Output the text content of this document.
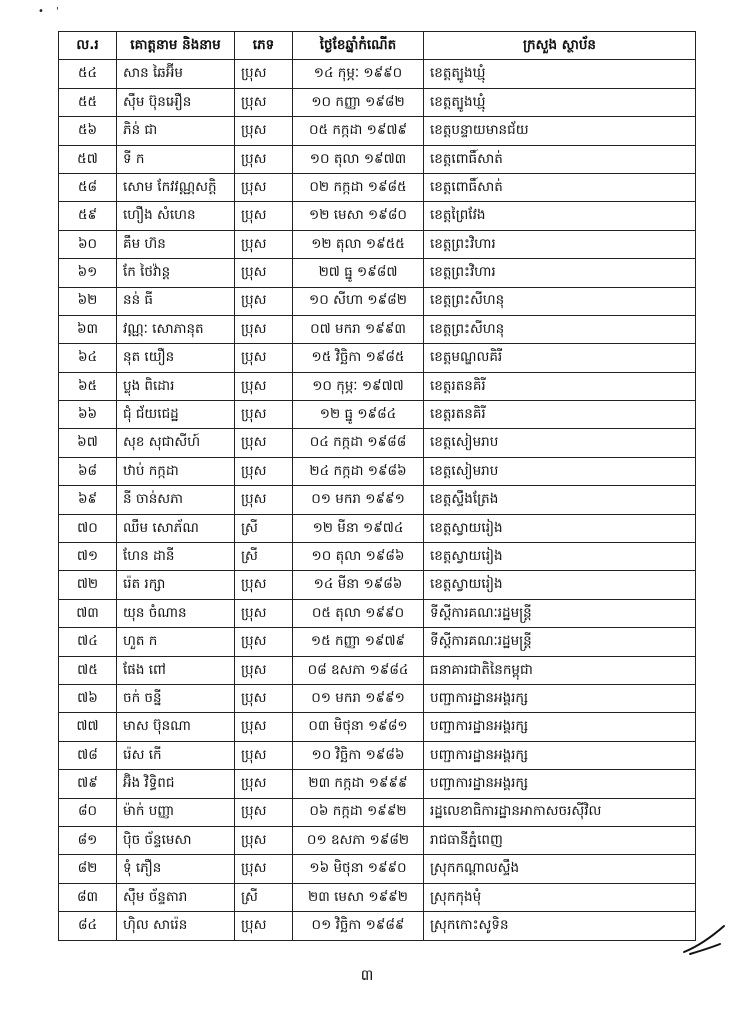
• '
ល.រ	គោត្តនាម និងនាម	ភេទ	ថ្ងៃខែឆ្នាំកំណើត	ក្រសួង ស្ថាប័ន
៥៤	សាន ឆៃអ៊ីម	ប្រុស	១៤ កុម្ភៈ ១៩៩០	ខេត្តត្បូងឃ្មុំ
៥៥	ស៊ឹម ប៊ុនអឿន	ប្រុស	១០ កញ្ញា ១៩៨២	ខេត្តត្បូងឃ្មុំ
៥៦	ភិន់ ជា	ប្រុស	០៥ កក្កដា ១៩៧៩	ខេត្តបន្ទាយមានជ័យ
៥៧	ទី ក	ប្រុស	១០ តុលា ១៩៧៣	ខេត្តពោធិ៍សាត់
៥៨	សោម កែវវណ្ណសក្តិ	ប្រុស	០២ កក្កដា ១៩៨៥	ខេត្តពោធិ៍សាត់
៥៩	ហឿង សំហេន	ប្រុស	១២ មេសា ១៩៨០	ខេត្តព្រៃវែង
៦០	គឹម ហ៊ន	ប្រុស	១២ តុលា ១៩៥៥	ខេត្តព្រះវិហារ
៦១	កែ ថៃវ៉ាន្ត	ប្រុស	២៧ ធ្នូ ១៩៨៧	ខេត្តព្រះវិហារ
៦២	នន់ ធី	ប្រុស	១០ សីហា ១៩៨២	ខេត្តព្រះសីហនុ
៦៣	វណ្ណៈ សោភានុត	ប្រុស	០៧ មករា ១៩៩៣	ខេត្តព្រះសីហនុ
៦៤	នុត យឿន	ប្រុស	១៥ វិច្ឆិកា ១៩៨៥	ខេត្តមណ្ឌលគិរី
៦៥	ប្លុង ពិដោរ	ប្រុស	១០ កុម្ភៈ ១៩៧៧	ខេត្តរតនគិរី
៦៦	ជុំ ជ័យជេដ្ឋ	ប្រុស	១២ ធ្នូ ១៩៨៤	ខេត្តរតនគិរី
៦៧	សុខ សុជាសីហ៍	ប្រុស	០៤ កក្កដា ១៩៨៨	ខេត្តសៀមរាប
៦៨	ឋាប់ កក្កដា	ប្រុស	២៤ កក្កដា ១៩៨៦	ខេត្តសៀមរាប
៦៩	នី ចាន់សភា	ប្រុស	០១ មករា ១៩៩១	ខេត្តស្ទឹងត្រែង
៧០	ឈឹម សោភ័ណ	ស្រី	១២ មីនា ១៩៧៤	ខេត្តស្វាយរៀង
៧១	ហែន ដានី	ស្រី	១០ តុលា ១៩៨៦	ខេត្តស្វាយរៀង
៧២	រ៉េត រក្សា	ប្រុស	១៤ មីនា ១៩៨៦	ខេត្តស្វាយរៀង
៧៣	យុន ចំណាន	ប្រុស	០៥ តុលា ១៩៩០	ទីស្តីការគណៈរដ្ឋមន្ត្រី
៧៤	ហួត ក	ប្រុស	១៥ កញ្ញា ១៩៧៩	ទីស្តីការគណៈរដ្ឋមន្ត្រី
៧៥	ផែង ពៅ	ប្រុស	០៨ ឧសភា ១៩៨៤	ធនាគារជាតិនៃកម្ពុជា
៧៦	ចក់ ចន្នី	ប្រុស	០១ មករា ១៩៩១	បញ្ជាការដ្ឋានអង្គរក្ស
៧៧	មាស ប៊ុនណា	ប្រុស	០៣ មិថុនា ១៩៨១	បញ្ជាការដ្ឋានអង្គរក្ស
៧៨	រ៉េស កើ	ប្រុស	១០ វិច្ឆិកា ១៩៨៦	បញ្ជាការដ្ឋានអង្គរក្ស
៧៩	អ៊ិង វិទ្ធិពជ	ប្រុស	២៣ កក្កដា ១៩៩៩	បញ្ជាការដ្ឋានអង្គរក្ស
៨០	ម៉ាក់ បញ្ញា	ប្រុស	០៦ កក្កដា ១៩៩២	រដ្ឋលេខាធិការដ្ឋានអាកាសចរស៊ីវិល
៨១	ប៉ិច ច័ន្ទមេសា	ប្រុស	០១ ឧសភា ១៩៨២	រាជធានីភ្នំពេញ
៨២	ទុំ ភឿន	ប្រុស	១៦ មិថុនា ១៩៩០	ស្រុកកណ្តាលស្ទឹង
៨៣	ស៊ឹម ច័ន្ទតារា	ស្រី	២៣ មេសា ១៩៩២	ស្រុកកុងមុំ
៨៤	ហ៊ិល សារ៉េន	ប្រុស	០១ វិច្ឆិកា ១៩៨៩	ស្រុកកោះសូទិន
៣
